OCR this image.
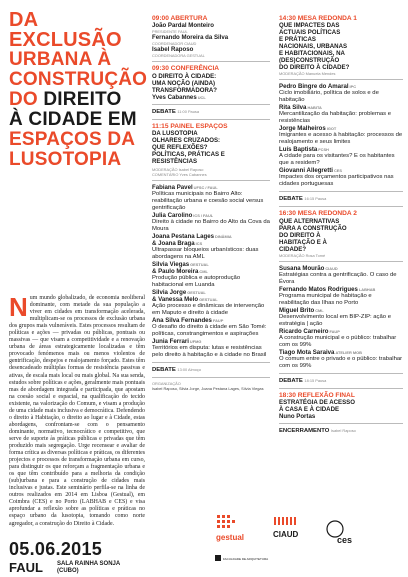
DA
EXCLUSÃO
URBANA À
CONSTRUÇÃO
DO DIREITO
À CIDADE EM
ESPAÇOS DA
LUSOTOPIA
Num mundo globalizado, de economia neoliberal dominante, com metade da sua população a viver em cidades em transformação acelerada, multiplicam-se os processos de exclusão urbana dos grupos mais vulneráveis. Estes processos resultam de políticas e ações — privadas ou públicas, pontuais ou massivas — que visam a competitividade e a renovação urbana de áreas estrategicamente localizadas e têm provocado fenómenos mais ou menos violentos de gentrificação, despejos e realojamento forçado. Estes têm desencadeado múltiplas formas de resistência passivas e ativas, de escala mais local ou mais global. Na sua senda, estudos sobre políticas e ações, geralmente mais pontuais mas de abordagem integrada e participada, que apostam na coesão social e espacial, na qualificação do tecido existente, na valorização do Comum, e visam a produção de uma cidade mais inclusiva e democrática. Defendendo o direito à Habitação, o direito ao lugar e à Cidade, estas abordagens, confrontam-se com o pensamento dominante, normativo, tecnocrático e competitivo, que serve de suporte às práticas públicas e privadas que têm produzido mais segregação. Urge recensear e avaliar de forma crítica as diversas políticas e práticas, os diferentes projectos e processos de transformação urbana em curso, para distinguir os que reforçam a fragmentação urbana e os que têm contribuído para a melhoria da condição (sub)urbana e para a construção de cidades mais inclusivas e justas. Este seminário perfila-se na linha de outros realizados em 2014 em Lisboa (Gestual), em Coimbra (CES) e no Porto (LABHAB e CES) e visa aprofundar a reflexão sobre as políticas e práticas no espaço urbano da lusotopia, tomando como norte agregador, a construção do Direito à Cidade.
05.06.2015
FAUL SALA RAINHA SONJA
(CUBO)
09:00 ABERTURA
João Pardal Monteiro
PRESIDENTE FAUL
Fernando Moreira da Silva
COORDENADOR CIAUD
Isabel Raposo
COORDENADORA GESTUAL
09:30 CONFERÊNCIA
O DIREITO À CIDADE:
UMA NOÇÃO (AINDA)
TRANSFORMADORA?
Yves CabannesUCL
DEBATE 11:00 Pausa
11:15 PAINEL ESPAÇOS
DA LUSOTOPIA
OLHARES CRUZADOS:
QUE REFLEXÕES?
POLÍTICAS, PRÁTICAS E
RESISTÊNCIAS
MODERAÇÃO Isabel Raposo
COMENTÁRIO Yves Cabannes
Fabiana PavelUFSC / FAUL
Políticas municipais no Bairro Alto: reabilitação urbana e coesão social versus gentrificação
Julia CarolinoICS / FAUL
Direito à cidade no Bairro do Alto da Cova da Moura
Joana Pestana LagesDINÂMIA
& Joana BragaICS
Ultrapassar bloqueios urbanísticos: duas abordagens na AML
Silvia ViegasGESTUAL
& Paulo MoreiraCML
Produção pública e autoprodução habitacional em Luanda
Silvia JorgeGESTUAL
& Vanessa MeloGESTUAL
Ação processo e dinâmicas de intervenção em Maputo e direito à cidade
Ana Silva FernandesFAUP
O desafio do direito à cidade em São Tomé: políticas, constrangimentos e aspirações
Junia FerrariUFMG
Territórios em disputa: lutas e resistências pelo direito à habitação e à cidade no Brasil
DEBATE 13:00 Almoço
ORGANIZAÇÃO
Isabel Raposo, Silvia Jorge, Joana Pestana Lages, Sílvia Viegas
14:30 MESA REDONDA 1
QUE IMPACTES DAS
ACTUAIS POLÍTICAS
E PRÁTICAS
NACIONAIS, URBANAS
E HABITACIONAIS, NA
(DES)CONSTRUÇÃO
DO DIREITO À CIDADE?
MODERAÇÃO Manuela Mendes
Pedro Bingre do AmaralIPC
Ciclo imobiliário, política de solos e de habitação
Rita SilvaHABITA
Mercantilização da habitação: problemas e resistências
Jorge MalheirosIGOT
Imigrantes e acesso à habitação: processos de realojamento e seus limites
Luís BaptistaFCSH
A cidade para os visitantes? E os habitantes que a residem?
Giovanni AllegrettiCES
Impactes dos orçamentos participativos nas cidades portuguesas
DEBATE 16:15 Pausa
16:30 MESA REDONDA 2
QUE ALTERNATIVAS
PARA A CONSTRUÇÃO
DO DIREITO À
HABITAÇÃO E À
CIDADE?
MODERAÇÃO Rosa Tomé
Susana MourãoCIAUD
Estratégias contra a gentrificação. O caso de Évora
Fernando Matos RodriguesLABHAB
Programa municipal de habitação e reabilitação das Ilhas no Porto
Miguel BritoCML
Desenvolvimento local em BIP-ZIP: ação e estratégia | ação
Ricardo CarneiroFAUP
A construção municipal e o público: trabalhar com os 99%
Tiago Mota SaraivaATELIER MOB
O comum entre o privado e o público: trabalhar com os 99%
DEBATE 18:15 Pausa
18:30 REFLEXÃO FINAL
ESTRATÉGIA DE ACESSO
À CASA E À CIDADE
Nuno Portas
ENCERRAMENTO Isabel Raposo
gestual	CIAUD
ces
FACULDADE DE ARQUITETURA
